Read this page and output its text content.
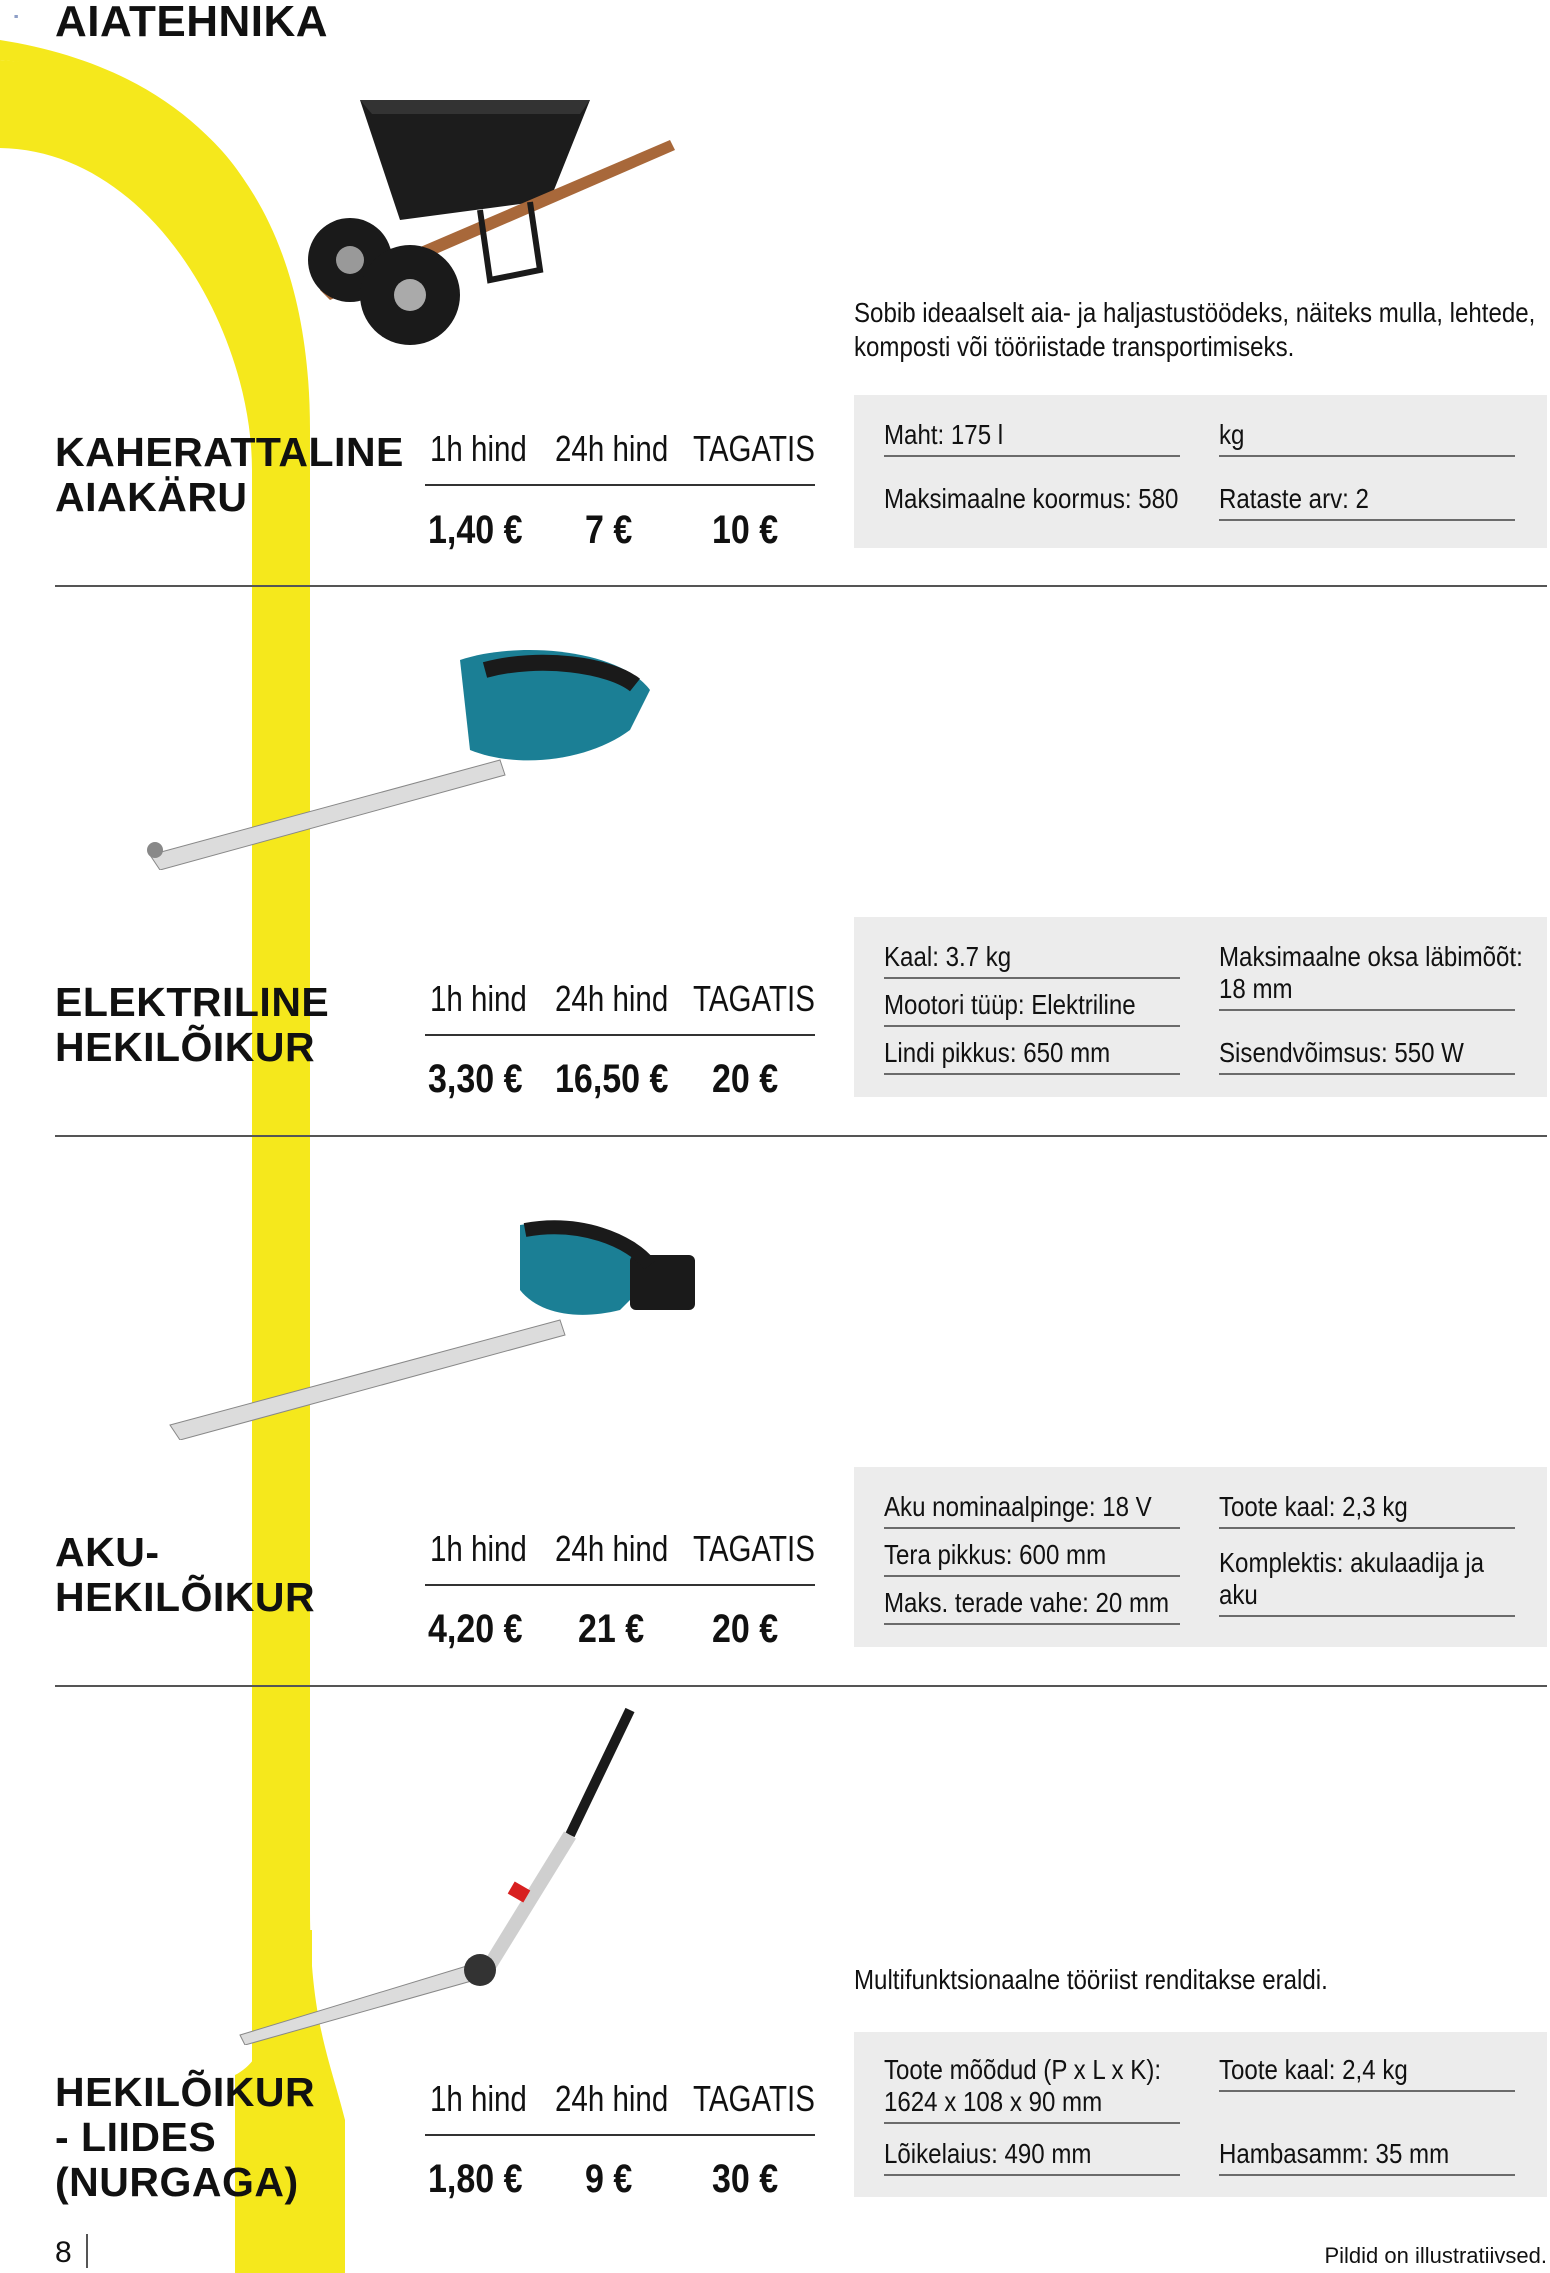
≡ AIATEHNIKA
KAHERATTALINE
AIAKÄRU
1h hind 24h hind TAGATIS
1,40 € 7 € 10 €
Sobib ideaalselt aia- ja haljastustöödeks, näiteks mulla, lehtede,
komposti või tööriistade transportimiseks.
Maht: 175 l	kg
Maksimaalne koormus: 580 Rataste arv: 2
ELEKTRILINE
HEKILÕIKUR
1h hind 24h hind TAGATIS
3,30 € 16,50 € 20 €
Kaal: 3.7 kg
Mootori tüüp: Elektriline
Lindi pikkus: 650 mm
Maksimaalne oksa läbimõõt:
18 mm
Sisendvõimsus: 550 W
AKU-
HEKILÕIKUR
1h hind 24h hind TAGATIS
4,20 € 21 € 20 €
Aku nominaalpinge: 18 V
Tera pikkus: 600 mm
Maks. terade vahe: 20 mm
Toote kaal: 2,3 kg
Komplektis: akulaadija ja
aku
Multifunktsionaalne tööriist renditakse eraldi.
HEKILÕIKUR
- LIIDES
(NURGAGA)
1h hind 24h hind TAGATIS
1,80 € 9 € 30 €
Toote mõõdud (P x L x K):
1624 x 108 x 90 mm
Lõikelaius: 490 mm
Toote kaal: 2,4 kg
Hambasamm: 35 mm
8	Pildid on illustratiivsed.
